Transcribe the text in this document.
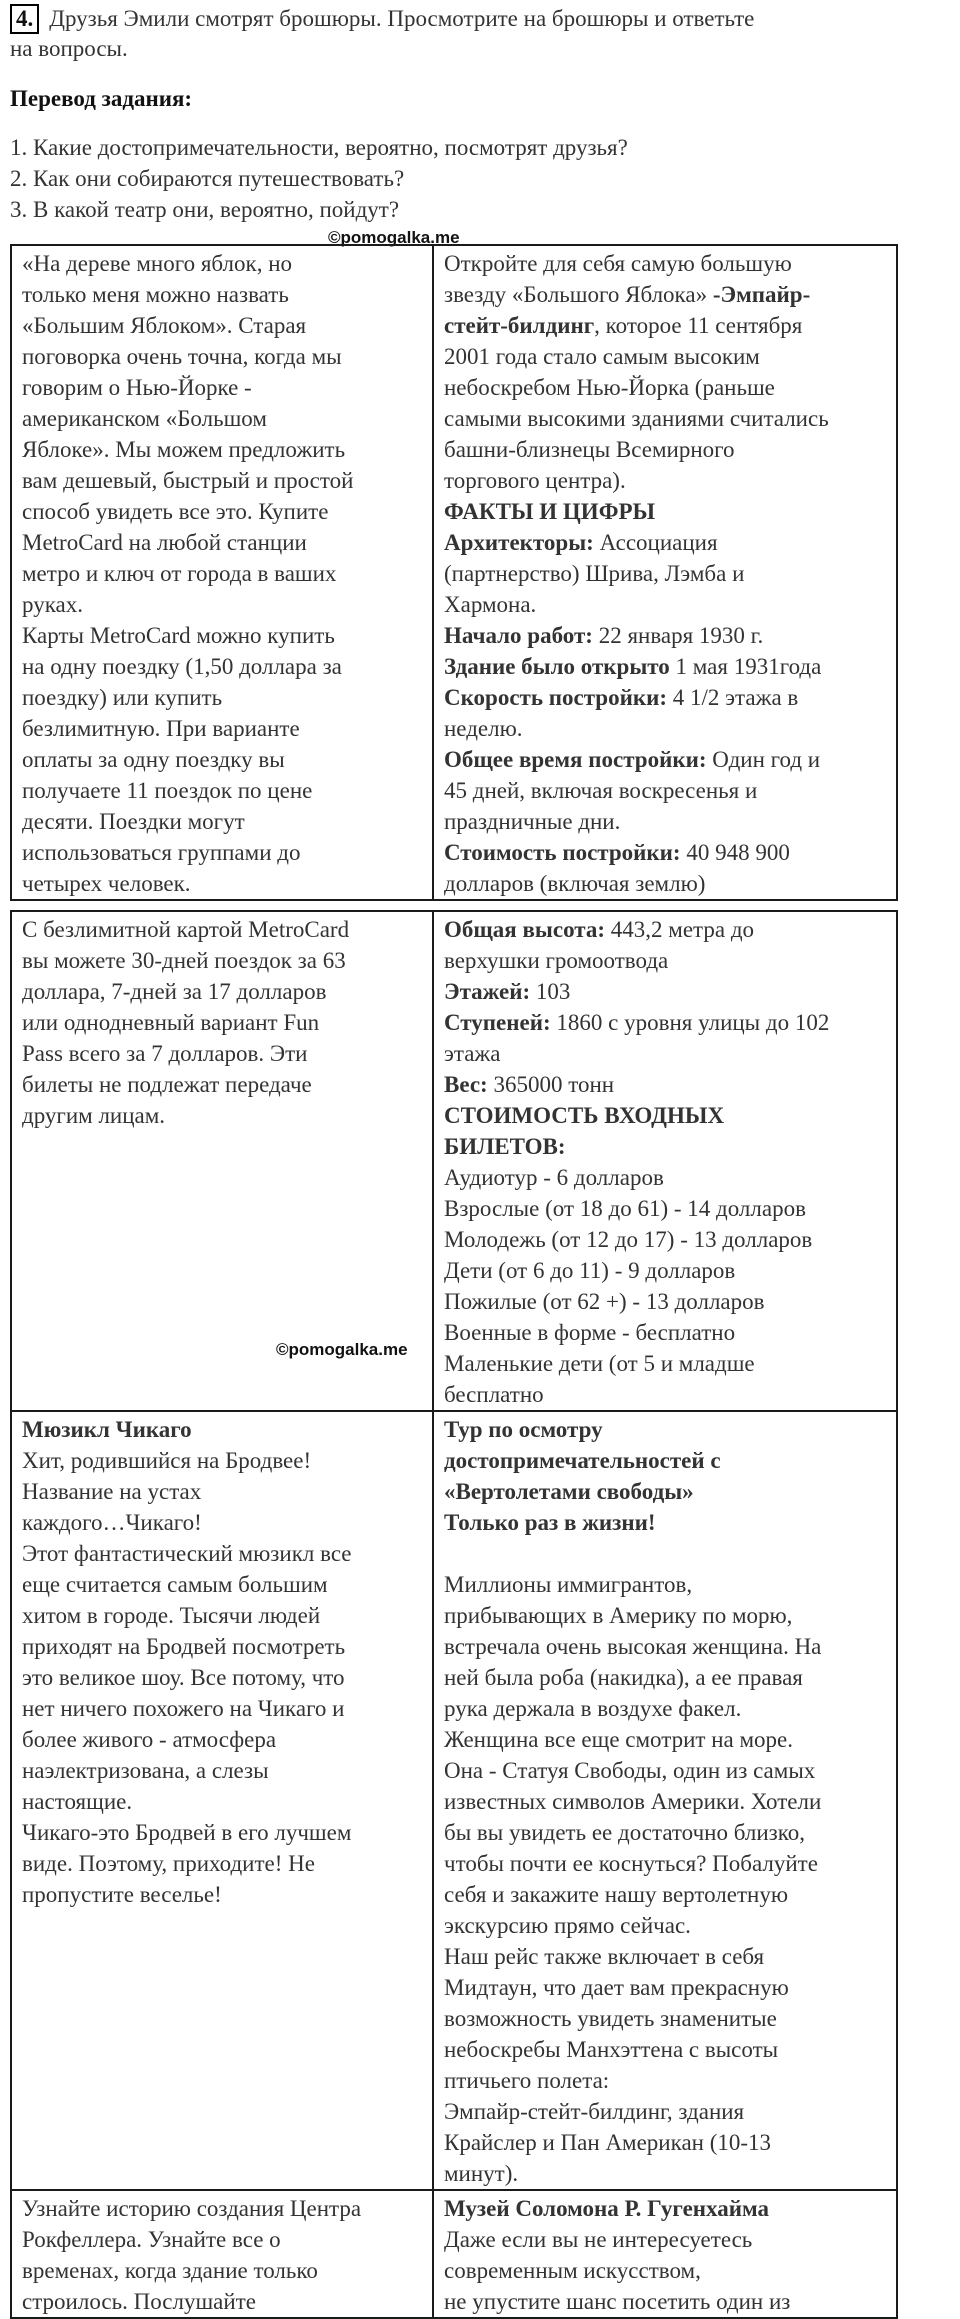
4. Друзья Эмили смотрят брошюры. Просмотрите на брошюры и ответьте
на вопросы.
Перевод задания:
1. Какие достопримечательности, вероятно, посмотрят друзья?
2. Как они собираются путешествовать?
3. В какой театр они, вероятно, пойдут?
©pomogalka.me
«На дереве много яблок, но
только меня можно назвать
«Большим Яблоком». Старая
поговорка очень точна, когда мы
говорим о Нью-Йорке -
американском «Большом
Яблоке». Мы можем предложить
вам дешевый, быстрый и простой
способ увидеть все это. Купите
MetroCard на любой станции
метро и ключ от города в ваших
руках.
Карты MetroCard можно купить
на одну поездку (1,50 доллара за
поездку) или купить
безлимитную. При варианте
оплаты за одну поездку вы
получаете 11 поездок по цене
десяти. Поездки могут
использоваться группами до
четырех человек.
Откройте для себя самую большую
звезду «Большого Яблока» -Эмпайр-
стейт-билдинг, которое 11 сентября
2001 года стало самым высоким
небоскребом Нью-Йорка (раньше
самыми высокими зданиями считались
башни-близнецы Всемирного
торгового центра).
ФАКТЫ И ЦИФРЫ
Архитекторы: Ассоциация
(партнерство) Шрива, Лэмба и
Хармона.
Начало работ: 22 января 1930 г.
Здание было открыто 1 мая 1931года
Скорость постройки: 4 1/2 этажа в
неделю.
Общее время постройки: Один год и
45 дней, включая воскресенья и
праздничные дни.
Стоимость постройки: 40 948 900
долларов (включая землю)
С безлимитной картой MetroCard
вы можете 30-дней поездок за 63
доллара, 7-дней за 17 долларов
или однодневный вариант Fun
Pass всего за 7 долларов. Эти
билеты не подлежат передаче
другим лицам.
Общая высота: 443,2 метра до
верхушки громоотвода
Этажей: 103
Ступеней: 1860 с уровня улицы до 102
этажа
Вес: 365000 тонн
СТОИМОСТЬ ВХОДНЫХ
БИЛЕТОВ:
Аудиотур - 6 долларов
Взрослые (от 18 до 61) - 14 долларов
Молодежь (от 12 до 17) - 13 долларов
Дети (от 6 до 11) - 9 долларов
Пожилые (от 62 +) - 13 долларов
Военные в форме - бесплатно
Маленькие дети (от 5 и младше
бесплатно
Мюзикл Чикаго
Хит, родившийся на Бродвее!
Название на устах
каждого…Чикаго!
Этот фантастический мюзикл все
еще считается самым большим
хитом в городе. Тысячи людей
приходят на Бродвей посмотреть
это великое шоу. Все потому, что
нет ничего похожего на Чикаго и
более живого - атмосфера
наэлектризована, а слезы
настоящие.
Чикаго-это Бродвей в его лучшем
виде. Поэтому, приходите! Не
пропустите веселье!
Тур по осмотру
достопримечательностей с
«Вертолетами свободы»
Только раз в жизни!
Миллионы иммигрантов,
прибывающих в Америку по морю,
встречала очень высокая женщина. На
ней была роба (накидка), а ее правая
рука держала в воздухе факел.
Женщина все еще смотрит на море.
Она - Статуя Свободы, один из самых
известных символов Америки. Хотели
бы вы увидеть ее достаточно близко,
чтобы почти ее коснуться? Побалуйте
себя и закажите нашу вертолетную
экскурсию прямо сейчас.
Наш рейс также включает в себя
Мидтаун, что дает вам прекрасную
возможность увидеть знаменитые
небоскребы Манхэттена с высоты
птичьего полета:
Эмпайр-стейт-билдинг, здания
Крайслер и Пан Американ (10-13
минут).
Узнайте историю создания Центра
Рокфеллера. Узнайте все о
временах, когда здание только
строилось. Послушайте
Музей Соломона Р. Гугенхайма
Даже если вы не интересуетесь
современным искусством,
не упустите шанс посетить один из
©pomogalka.me
